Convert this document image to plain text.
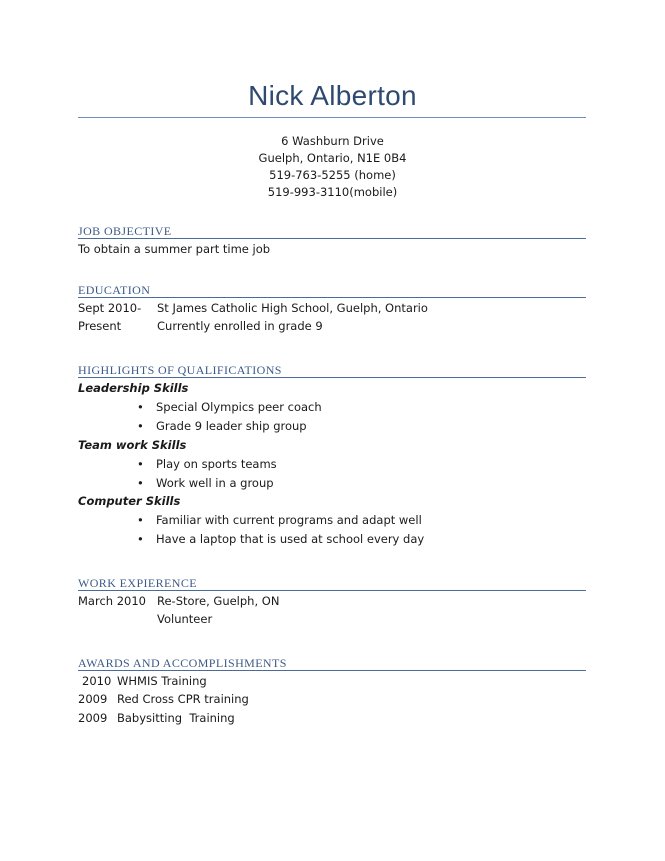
Nick Alberton
6 Washburn Drive
Guelph, Ontario, N1E 0B4
519-763-5255 (home)
519-993-3110(mobile)
JOB OBJECTIVE
To obtain a summer part time job
EDUCATION
Sept 2010- St James Catholic High School, Guelph, Ontario
Present	Currently enrolled in grade 9
HIGHLIGHTS OF QUALIFICATIONS
Leadership Skills
• Special Olympics peer coach
• Grade 9 leader ship group
Team work Skills
• Play on sports teams
• Work well in a group
Computer Skills
• Familiar with current programs and adapt well
• Have a laptop that is used at school every day
WORK EXPIERENCE
March 2010 Re-Store, Guelph, ON
Volunteer
AWARDS AND ACCOMPLISHMENTS
2010 WHMIS Training
2009 Red Cross CPR training
2009 Babysitting  Training
